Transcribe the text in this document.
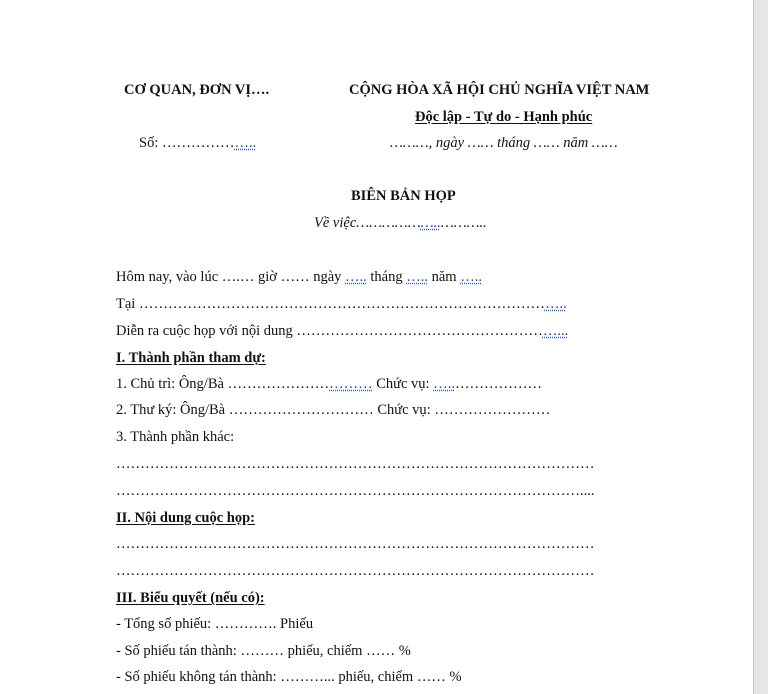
CƠ QUAN, ĐƠN VỊ….	CỘNG HÒA XÃ HỘI CHỦ NGHĨA VIỆT NAM
Độc lập - Tự do - Hạnh phúc
Số: ………………..	………, ngày …… tháng …… năm ……
BIÊN BẢN HỌP
Về việc………………..………..
Hôm nay, vào lúc ….… giờ …… ngày ….. tháng ….. năm …..
Tại ……………………………………………………………………………..
Diễn ra cuộc họp với nội dung ………………………………………………...
I. Thành phần tham dự:
1. Chủ trì: Ông/Bà ………………………… Chức vụ: …..………………
2. Thư ký: Ông/Bà ………………………… Chức vụ: ……………………
3. Thành phần khác:
………………………………………………………………………………………
……………………………………………………………………………………....
II. Nội dung cuộc họp:
………………………………………………………………………………………
………………………………………………………………………………………
III. Biểu quyết (nếu có):
- Tổng số phiếu: …………. Phiếu
- Số phiếu tán thành: ……… phiếu, chiếm …… %
- Số phiếu không tán thành: ………... phiếu, chiếm …… %
